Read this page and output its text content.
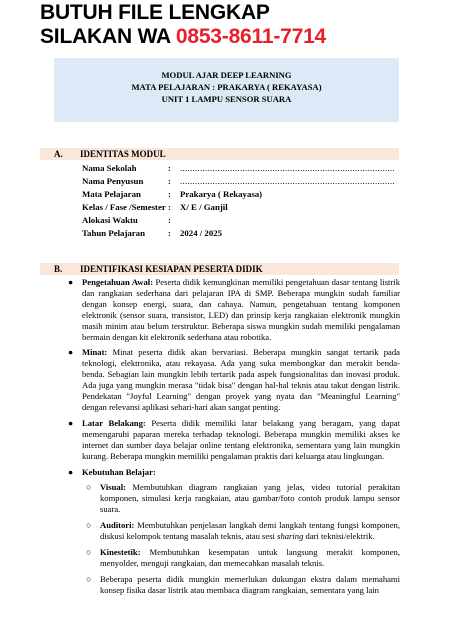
BUTUH FILE LENGKAP
SILAKAN WA 0853-8611-7714
MODUL AJAR DEEP LEARNING
MATA PELAJARAN : PRAKARYA ( REKAYASA)
UNIT 1 LAMPU SENSOR SUARA
A. IDENTITAS MODUL
Nama Sekolah	: ......................................................................................
Nama Penyusun	: ......................................................................................
Mata Pelajaran	: Prakarya ( Rekayasa)
Kelas / Fase /Semester : X/ E / Ganjil
Alokasi Waktu	:
Tahun Pelajaran	: 2024 / 2025
B. IDENTIFIKASI KESIAPAN PESERTA DIDIK

● Pengetahuan Awal: Peserta didik kemungkinan memiliki pengetahuan dasar tentang listrik dan rangkaian sederhana dari pelajaran IPA di SMP. Beberapa mungkin sudah familiar dengan konsep energi, suara, dan cahaya. Namun, pengetahuan tentang komponen elektronik (sensor suara, transistor, LED) dan prinsip kerja rangkaian elektronik mungkin masih minim atau belum terstruktur. Beberapa siswa mungkin sudah memiliki pengalaman bermain dengan kit elektronik sederhana atau robotika.

● Minat: Minat peserta didik akan bervariasi. Beberapa mungkin sangat tertarik pada teknologi, elektronika, atau rekayasa. Ada yang suka membongkar dan merakit benda-benda. Sebagian lain mungkin lebih tertarik pada aspek fungsionalitas dan inovasi produk. Ada juga yang mungkin merasa "tidak bisa" dengan hal-hal teknis atau takut dengan listrik. Pendekatan "Joyful Learning" dengan proyek yang nyata dan "Meaningful Learning" dengan relevansi aplikasi sehari-hari akan sangat penting.

● Latar Belakang: Peserta didik memiliki latar belakang yang beragam, yang dapat memengaruhi paparan mereka terhadap teknologi. Beberapa mungkin memiliki akses ke internet dan sumber daya belajar online tentang elektronika, sementara yang lain mungkin kurang. Beberapa mungkin memiliki pengalaman praktis dari keluarga atau lingkungan.

● Kebutuhan Belajar:

○ Visual: Membutuhkan diagram rangkaian yang jelas, video tutorial perakitan komponen, simulasi kerja rangkaian, atau gambar/foto contoh produk lampu sensor suara.

○ Auditori: Membutuhkan penjelasan langkah demi langkah tentang fungsi komponen, diskusi kelompok tentang masalah teknis, atau sesi sharing dari teknisi/elektrik.

○ Kinestetik: Membutuhkan kesempatan untuk langsung merakit komponen, menyolder, menguji rangkaian, dan memecahkan masalah teknis.

○ Beberapa peserta didik mungkin memerlukan dukungan ekstra dalam memahami konsep fisika dasar listrik atau membaca diagram rangkaian, sementara yang lain
